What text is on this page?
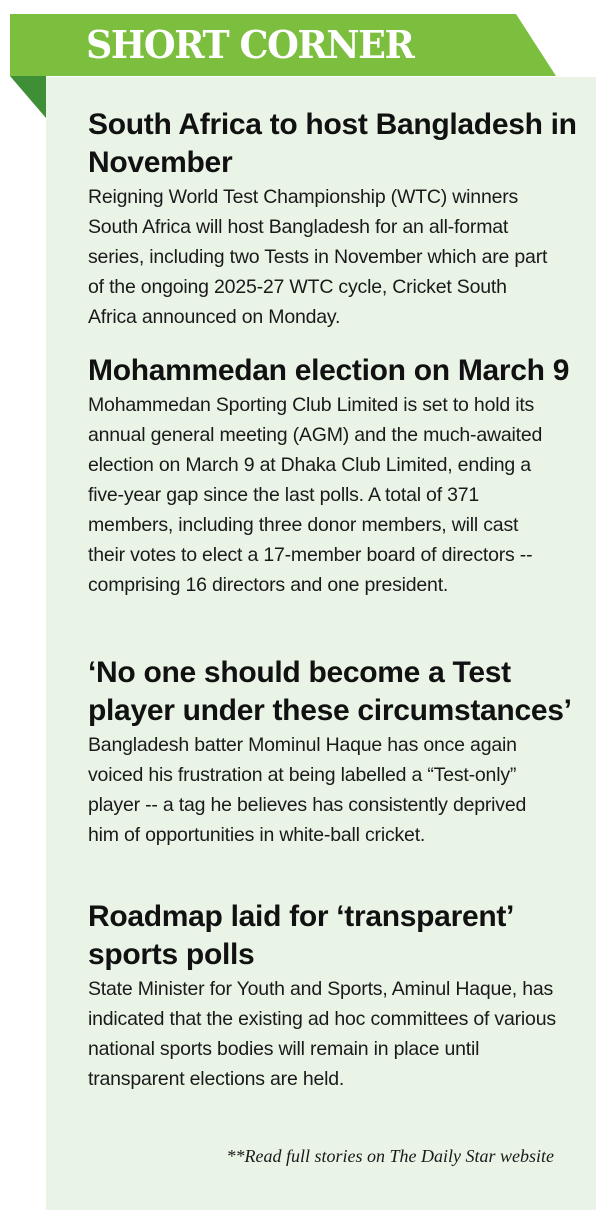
SHORT CORNER
South Africa to host Bangladesh in November

Reigning World Test Championship (WTC) winners South Africa will host Bangladesh for an all-format series, including two Tests in November which are part of the ongoing 2025-27 WTC cycle, Cricket South Africa announced on Monday.

Mohammedan election on March 9

Mohammedan Sporting Club Limited is set to hold its annual general meeting (AGM) and the much-awaited election on March 9 at Dhaka Club Limited, ending a five-year gap since the last polls. A total of 371 members, including three donor members, will cast their votes to elect a 17-member board of directors -- comprising 16 directors and one president.

‘No one should become a Test player under these circumstances’

Bangladesh batter Mominul Haque has once again voiced his frustration at being labelled a “Test-only” player -- a tag he believes has consistently deprived him of opportunities in white-ball cricket.

Roadmap laid for ‘transparent’ sports polls

State Minister for Youth and Sports, Aminul Haque, has indicated that the existing ad hoc committees of various national sports bodies will remain in place until transparent elections are held.

**Read full stories on The Daily Star website
